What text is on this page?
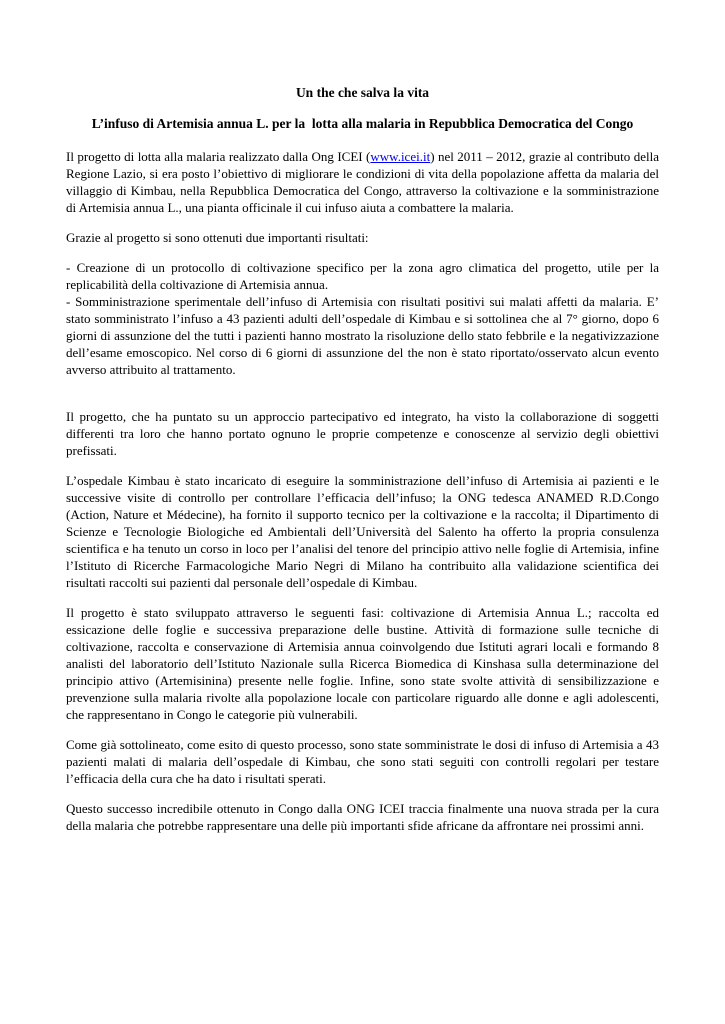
Un the che salva la vita
L’infuso di Artemisia annua L. per la  lotta alla malaria in Repubblica Democratica del Congo

Il progetto di lotta alla malaria realizzato dalla Ong ICEI (www.icei.it) nel 2011 – 2012, grazie al contributo della Regione Lazio, si era posto l’obiettivo di migliorare le condizioni di vita della popolazione affetta da malaria del villaggio di Kimbau, nella Repubblica Democratica del Congo, attraverso la coltivazione e la somministrazione di Artemisia annua L., una pianta officinale il cui infuso aiuta a combattere la malaria.

Grazie al progetto si sono ottenuti due importanti risultati:

- Creazione di un protocollo di coltivazione specifico per la zona agro climatica del progetto, utile per la replicabilità della coltivazione di Artemisia annua.

- Somministrazione sperimentale dell’infuso di Artemisia con risultati positivi sui malati affetti da malaria. E’ stato somministrato l’infuso a 43 pazienti adulti dell’ospedale di Kimbau e si sottolinea che al 7° giorno, dopo 6 giorni di assunzione del the tutti i pazienti hanno mostrato la risoluzione dello stato febbrile e la negativizzazione dell’esame emoscopico. Nel corso di 6 giorni di assunzione del the non è stato riportato/osservato alcun evento avverso attribuito al trattamento.

Il progetto, che ha puntato su un approccio partecipativo ed integrato, ha visto la collaborazione di soggetti differenti tra loro che hanno portato ognuno le proprie competenze e conoscenze al servizio degli obiettivi prefissati.

L’ospedale Kimbau è stato incaricato di eseguire la somministrazione dell’infuso di Artemisia ai pazienti e le successive visite di controllo per controllare l’efficacia dell’infuso; la ONG tedesca ANAMED R.D.Congo (Action, Nature et Médecine), ha fornito il supporto tecnico per la coltivazione e la raccolta; il Dipartimento di Scienze e Tecnologie Biologiche ed Ambientali dell’Università del Salento ha offerto la propria consulenza scientifica e ha tenuto un corso in loco per l’analisi del tenore del principio attivo nelle foglie di Artemisia, infine l’Istituto di Ricerche Farmacologiche Mario Negri di Milano ha contribuito alla validazione scientifica dei risultati raccolti sui pazienti dal personale dell’ospedale di Kimbau.

Il progetto è stato sviluppato attraverso le seguenti fasi: coltivazione di Artemisia Annua L.; raccolta ed essicazione delle foglie e successiva preparazione delle bustine. Attività di formazione sulle tecniche di coltivazione, raccolta e conservazione di Artemisia annua coinvolgendo due Istituti agrari locali e formando 8 analisti del laboratorio dell’Istituto Nazionale sulla Ricerca Biomedica di Kinshasa sulla determinazione del principio attivo (Artemisinina) presente nelle foglie. Infine, sono state svolte attività di sensibilizzazione e prevenzione sulla malaria rivolte alla popolazione locale con particolare riguardo alle donne e agli adolescenti, che rappresentano in Congo le categorie più vulnerabili.

Come già sottolineato, come esito di questo processo, sono state somministrate le dosi di infuso di Artemisia a 43 pazienti malati di malaria dell’ospedale di Kimbau, che sono stati seguiti con controlli regolari per testare l’efficacia della cura che ha dato i risultati sperati.

Questo successo incredibile ottenuto in Congo dalla ONG ICEI traccia finalmente una nuova strada per la cura della malaria che potrebbe rappresentare una delle più importanti sfide africane da affrontare nei prossimi anni.
